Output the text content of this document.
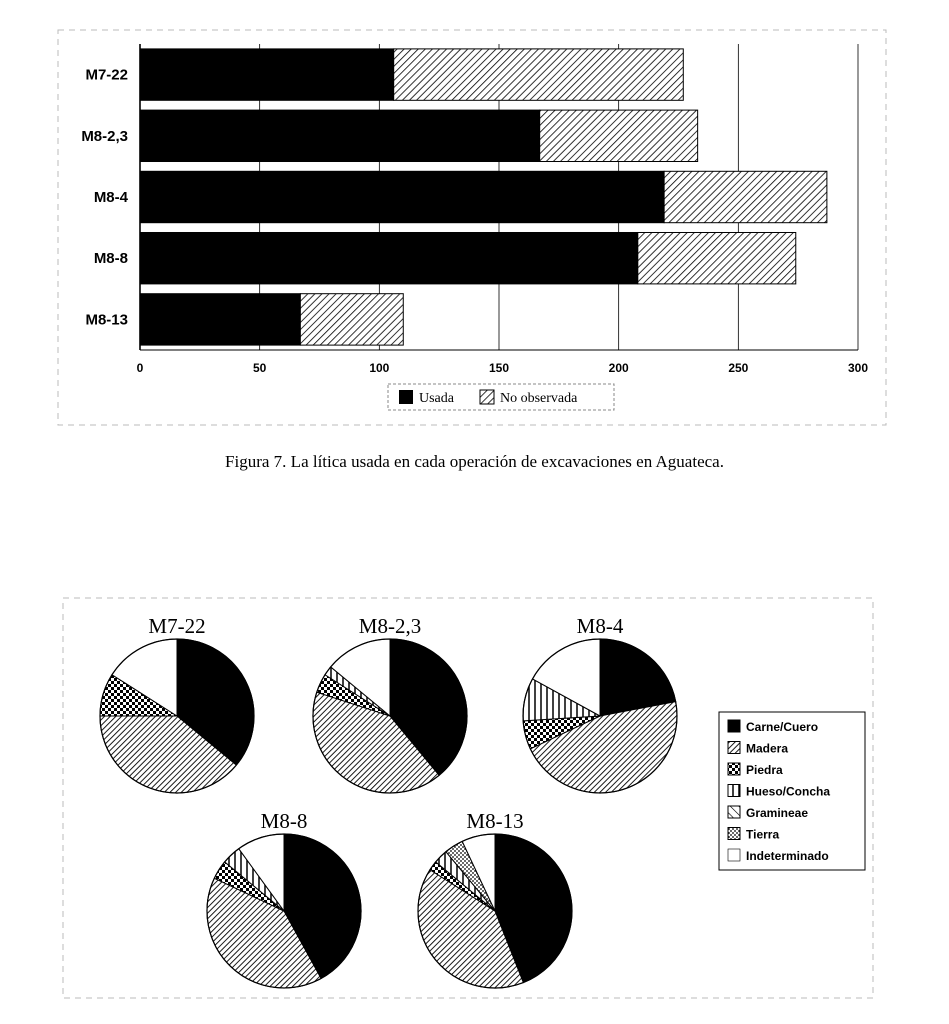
M7-22
M8-2,3
M8-4
M8-8
M8-13
0	50	100	150	200	250	300
Usada	No observada
Figura 7. La lítica usada en cada operación de excavaciones en Aguateca.
M7-22	M8-2,3	M8-4
M8-8	M8-13
Carne/Cuero
Madera
Piedra
Hueso/Concha
Gramineae
Tierra
Indeterminado
